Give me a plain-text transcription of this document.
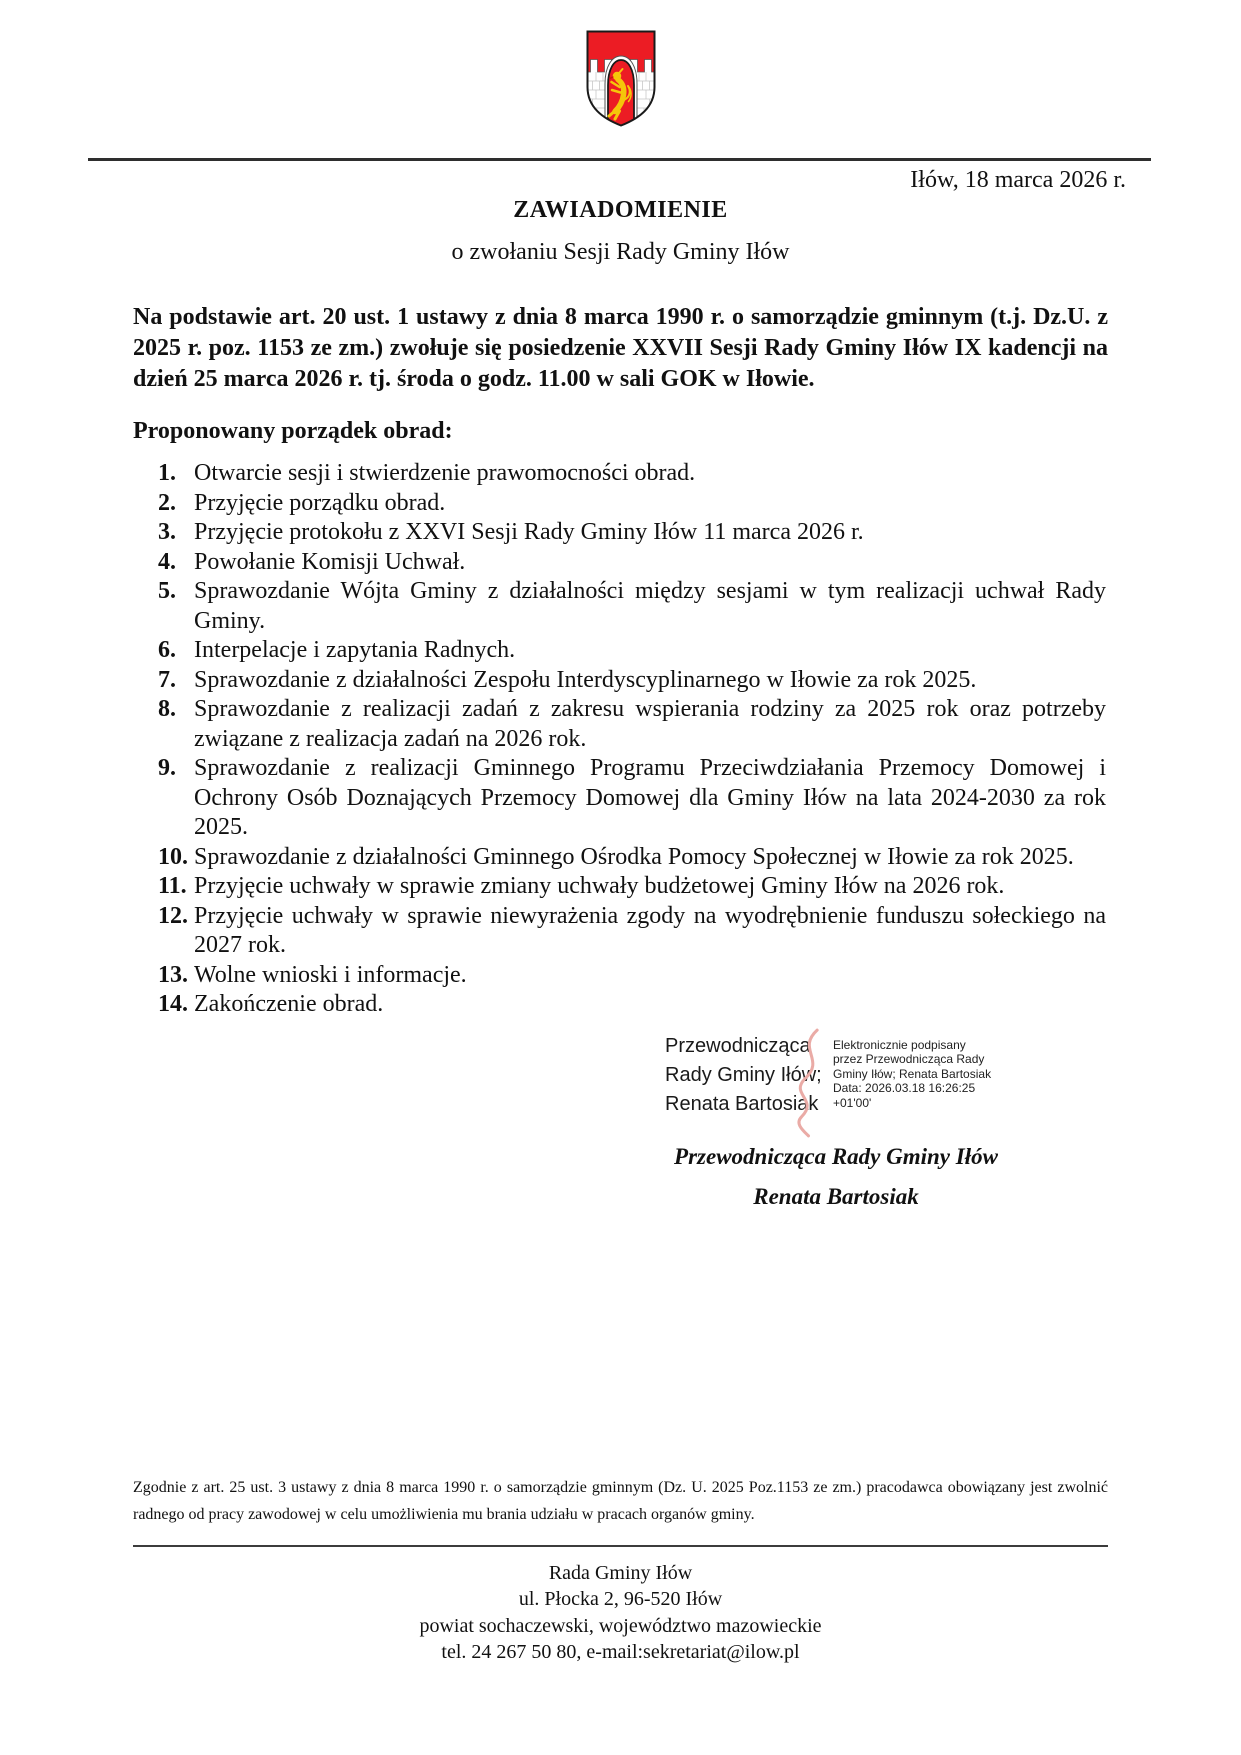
Iłów, 18 marca 2026 r.
ZAWIADOMIENIE
o zwołaniu Sesji Rady Gminy Iłów

Na podstawie art. 20 ust. 1 ustawy z dnia 8 marca 1990 r. o samorządzie gminnym (t.j. Dz.U. z 2025 r. poz. 1153 ze zm.) zwołuje się posiedzenie XXVII Sesji Rady Gminy Iłów IX kadencji na dzień 25 marca 2026 r. tj. środa o godz. 11.00 w sali GOK w Iłowie.

Proponowany porządek obrad:
1. Otwarcie sesji i stwierdzenie prawomocności obrad.
2. Przyjęcie porządku obrad.
3. Przyjęcie protokołu z XXVI Sesji Rady Gminy Iłów 11 marca 2026 r.
4. Powołanie Komisji Uchwał.
5. Sprawozdanie Wójta Gminy z działalności między sesjami w tym realizacji uchwał Rady Gminy.
6. Interpelacje i zapytania Radnych.
7. Sprawozdanie z działalności Zespołu Interdyscyplinarnego w Iłowie za rok 2025.
8. Sprawozdanie z realizacji zadań z zakresu wspierania rodziny za 2025 rok oraz potrzeby związane z realizacja zadań na 2026 rok.
9. Sprawozdanie z realizacji Gminnego Programu Przeciwdziałania Przemocy Domowej i Ochrony Osób Doznających Przemocy Domowej dla Gminy Iłów na lata 2024-2030 za rok 2025.
10. Sprawozdanie z działalności Gminnego Ośrodka Pomocy Społecznej w Iłowie za rok 2025.
11. Przyjęcie uchwały w sprawie zmiany uchwały budżetowej Gminy Iłów na 2026 rok.
12. Przyjęcie uchwały w sprawie niewyrażenia zgody na wyodrębnienie funduszu sołeckiego na 2027 rok.
13. Wolne wnioski i informacje.
14. Zakończenie obrad.
Przewodnicząca
Rady Gminy Iłów;
Renata Bartosiak
Elektronicznie podpisany
przez Przewodnicząca Rady
Gminy Iłów; Renata Bartosiak
Data: 2026.03.18 16:26:25
+01'00'
Przewodnicząca Rady Gminy Iłów
Renata Bartosiak

Zgodnie z art. 25 ust. 3 ustawy z dnia 8 marca 1990 r. o samorządzie gminnym (Dz. U. 2025 Poz.1153 ze zm.) pracodawca obowiązany jest zwolnić radnego od pracy zawodowej w celu umożliwienia mu brania udziału w pracach organów gminy.

Rada Gminy Iłów
ul. Płocka 2, 96-520 Iłów
powiat sochaczewski, województwo mazowieckie
tel. 24 267 50 80, e-mail:sekretariat@ilow.pl
